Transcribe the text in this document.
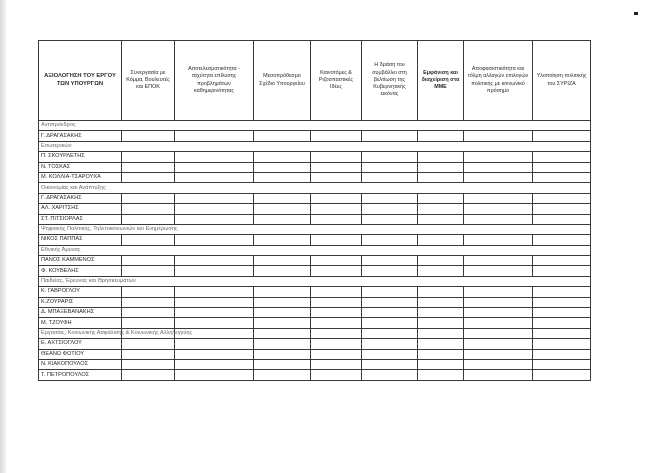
ΑΞΙΟΛΟΓΗΣΗ ΤΟΥ ΕΡΓΟΥ ΤΩΝ ΥΠΟΥΡΓΩΝ	Συνεργασία με Κόμμα, Βουλευτές και ΕΠΟΚ	Αποτελεσματικότητα - ταχύτητα επίλυσης προβλημάτων καθημερινότητας	Μεσοπρόθεσμο Σχέδιο Υπουργείου	Καινοτόμες & Ριζοσπαστικές Ιδέες	Η δράση του συμβάλλει στη βελτίωση της Κυβερνητικής εικόνας	Εμφάνιση και διαχείριση στα ΜΜΕ	Αποφασιστικότητα και τόλμη αλλαγών επιλογών πολιτικής με κοινωνικό πρόσημο	Υλοποίηση πολιτικής του ΣΥΡΙΖΑ
Αντιπρόεδρος								
Γ. ΔΡΑΓΑΣΑΚΗΣ								
Εσωτερικών								
Π. ΣΚΟΥΡΛΕΤΗΣ								
Ν. ΤΟΣΚΑΣ								
Μ. ΚΟΛΛΙΑ-ΤΣΑΡΟΥΧΑ								
Οικονομίας και Ανάπτυξης								
Γ. ΔΡΑΓΑΣΑΚΗΣ								
ΑΛ. ΧΑΡΙΤΣΗΣ								
ΣΤ. ΠΙΤΣΙΟΡΛΑΣ								
Ψηφιακής Πολιτικής, Τηλεπικοινωνιών και Ενημέρωσης								
ΝΙΚΟΣ ΠΑΠΠΑΣ								
Εθνικής Άμυνας								
ΠΑΝΟΣ ΚΑΜΜΕΝΟΣ								
Φ. ΚΟΥΒΕΛΗΣ								
Παιδείας, Έρευνας και Θρησκευμάτων								
Κ. ΓΑΒΡΟΓΛΟΥ								
Κ.ΖΟΥΡΑΡΙΣ								
Δ. ΜΠΑΞΕΒΑΝΑΚΗΣ								
Μ. ΤΖΟΥΦΗ								
Εργασίας, Κοινωνικής Ασφάλισης & Κοινωνικής Αλληλεγγύης								
Ε. ΑΧΤΣΙΟΓΛΟΥ								
ΘΕΑΝΩ ΦΩΤΙΟΥ								
Ν. ΚΙΑΚΟΠΟΥΛΟΣ								
Τ. ΠΕΤΡΟΠΟΥΛΟΣ								
